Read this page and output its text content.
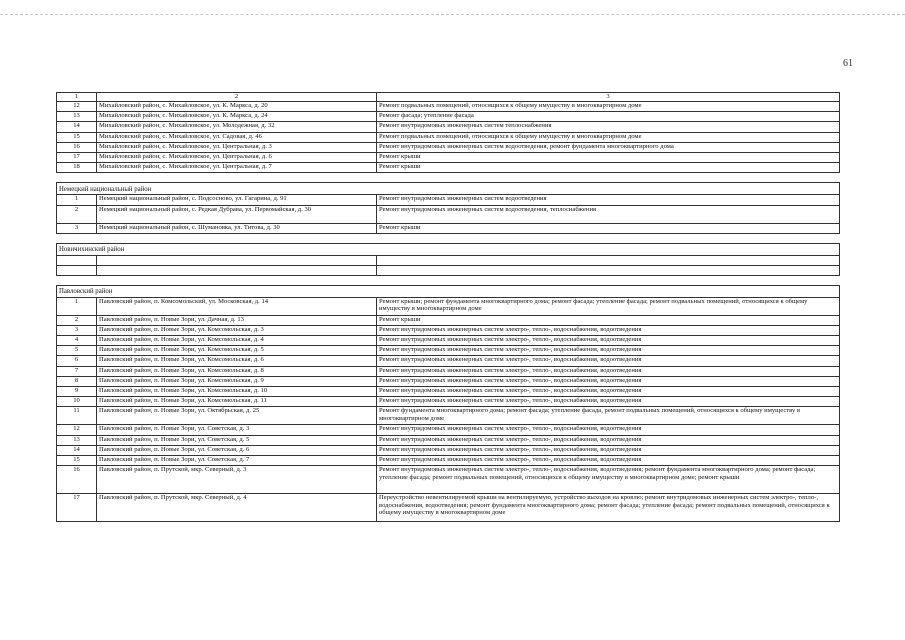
61
1	2	3
12	Михайловский район, с. Михайловское, ул. К. Маркса, д. 20	Ремонт подвальных помещений, относящихся к общему имуществу в многоквартирном доме
13	Михайловский район, с. Михайловское, ул. К. Маркса, д. 24	Ремонт фасада; утепление фасада
14	Михайловский район, с. Михайловское, ул. Молодежная, д. 32	Ремонт внутридомовых инженерных систем теплоснабжения
15	Михайловский район, с. Михайловское, ул. Садовая, д. 46	Ремонт подвальных помещений, относящихся к общему имуществу в многоквартирном доме
16	Михайловский район, с. Михайловское, ул. Центральная, д. 3	Ремонт внутридомовых инженерных систем водоотведения, ремонт фундамента многоквартирного дома
17	Михайловский район, с. Михайловское, ул. Центральная, д. 6	Ремонт крыши
18	Михайловский район, с. Михайловское, ул. Центральная, д. 7	Ремонт крыши

Немецкий национальный район		
1	Немецкий национальный район, с. Подсосново, ул. Гагарина, д. 91	Ремонт внутридомовых инженерных систем водоотведения
2	Немецкий национальный район, с. Редкая Дубрава, ул. Первомайская, д. 30	Ремонт внутридомовых инженерных систем водоотведения, теплоснабжения
3	Немецкий национальный район, с. Шумановка, ул. Титова, д. 30	Ремонт крыши

Новичихинский район		

Павловский район		
1	Павловский район, п. Комсомольский, ул. Московская, д. 14	Ремонт крыши; ремонт фундамента многоквартирного дома; ремонт фасада; утепление фасада; ремонт подвальных помещений, относящихся к общему имуществу в многоквартирном доме
2	Павловский район, п. Новые Зори, ул. Дачная, д. 13	Ремонт крыши
3	Павловский район, п. Новые Зори, ул. Комсомольская, д. 3	Ремонт внутридомовых инженерных систем электро-, тепло-, водоснабжения, водоотведения
4	Павловский район, п. Новые Зори, ул. Комсомольская, д. 4	Ремонт внутридомовых инженерных систем электро-, тепло-, водоснабжения, водоотведения
5	Павловский район, п. Новые Зори, ул. Комсомольская, д. 5	Ремонт внутридомовых инженерных систем электро-, тепло-, водоснабжения, водоотведения
6	Павловский район, п. Новые Зори, ул. Комсомольская, д. 6	Ремонт внутридомовых инженерных систем электро-, тепло-, водоснабжения, водоотведения
7	Павловский район, п. Новые Зори, ул. Комсомольская, д. 8	Ремонт внутридомовых инженерных систем электро-, тепло-, водоснабжения, водоотведения
8	Павловский район, п. Новые Зори, ул. Комсомольская, д. 9	Ремонт внутридомовых инженерных систем электро-, тепло-, водоснабжения, водоотведения
9	Павловский район, п. Новые Зори, ул. Комсомольская, д. 10	Ремонт внутридомовых инженерных систем электро-, тепло-, водоснабжения, водоотведения
10	Павловский район, п. Новые Зори, ул. Комсомольская, д. 11	Ремонт внутридомовых инженерных систем электро-, тепло-, водоснабжения, водоотведения
11	Павловский район, п. Новые Зори, ул. Октябрьская, д. 25	Ремонт фундамента многоквартирного дома; ремонт фасада; утепление фасада, ремонт подвальных помещений, относящихся к общему имуществу в многоквартирном доме
12	Павловский район, п. Новые Зори, ул. Советская, д. 3	Ремонт внутридомовых инженерных систем электро-, тепло-, водоснабжения, водоотведения
13	Павловский район, п. Новые Зори, ул. Советская, д. 5	Ремонт внутридомовых инженерных систем электро-, тепло-, водоснабжения, водоотведения
14	Павловский район, п. Новые Зори, ул. Советская, д. 6	Ремонт внутридомовых инженерных систем электро-, тепло-, водоснабжения, водоотведения
15	Павловский район, п. Новые Зори, ул. Советская, д. 7	Ремонт внутридомовых инженерных систем электро-, тепло-, водоснабжения, водоотведения
16	Павловский район, п. Прутской, мкр. Северный, д. 3	Ремонт внутридомовых инженерных систем электро-, тепло-, водоснабжения, водоотведения; ремонт фундамента многоквартирного дома; ремонт фасада; утепление фасада; ремонт подвальных помещений, относящихся к общему имуществу в многоквартирном доме; ремонт крыши
17	Павловский район, п. Прутской, мкр. Северный, д. 4	Переустройство невентилируемой крыши на вентилируемую, устройство выходов на кровлю; ремонт внутридомовых инженерных систем электро-, тепло-, водоснабжения, водоотведения; ремонт фундамента многоквартирного дома; ремонт фасада; утепление фасада; ремонт подвальных помещений, относящихся к общему имуществу в многоквартирном доме
